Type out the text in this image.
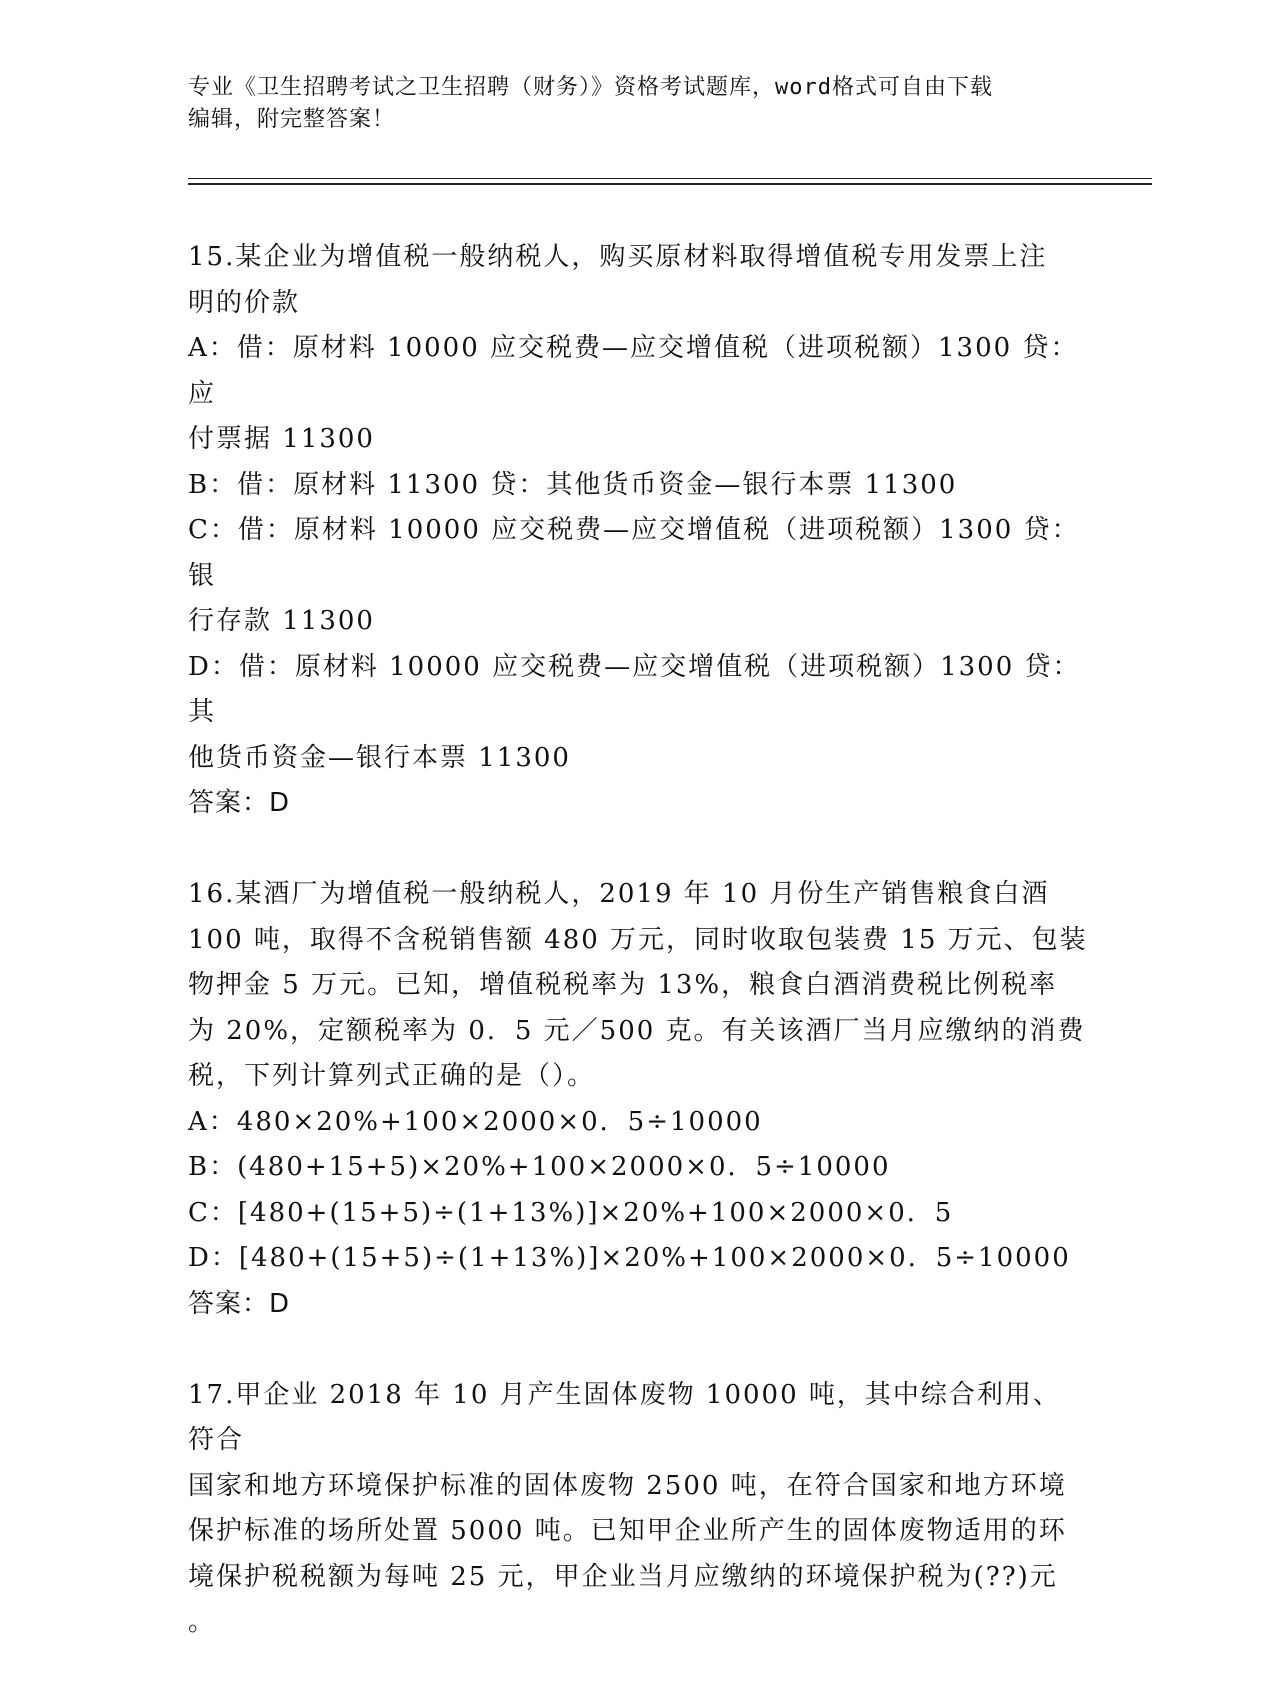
专业《卫生招聘考试之卫生招聘（财务）》资格考试题库，word格式可自由下载
编辑，附完整答案！
15.某企业为增值税一般纳税人，购买原材料取得增值税专用发票上注
明的价款
A：借：原材料 10000 应交税费—应交增值税（进项税额）1300 贷：应
付票据 11300
B：借：原材料 11300 贷：其他货币资金—银行本票 11300
C：借：原材料 10000 应交税费—应交增值税（进项税额）1300 贷：银
行存款 11300
D：借：原材料 10000 应交税费—应交增值税（进项税额）1300 贷：其
他货币资金—银行本票 11300
答案：D
16.某酒厂为增值税一般纳税人，2019 年 10 月份生产销售粮食白酒
100 吨，取得不含税销售额 480 万元，同时收取包装费 15 万元、包装
物押金 5 万元。已知，增值税税率为 13%，粮食白酒消费税比例税率
为 20%，定额税率为 0．5 元／500 克。有关该酒厂当月应缴纳的消费
税，下列计算列式正确的是（）。
A：480×20%+100×2000×0．5÷10000
B：(480+15+5)×20%+100×2000×0．5÷10000
C：[480+(15+5)÷(1+13%)]×20%+100×2000×0．5
D：[480+(15+5)÷(1+13%)]×20%+100×2000×0．5÷10000
答案：D
17.甲企业 2018 年 10 月产生固体废物 10000 吨，其中综合利用、符合
国家和地方环境保护标准的固体废物 2500 吨，在符合国家和地方环境
保护标准的场所处置 5000 吨。已知甲企业所产生的固体废物适用的环
境保护税税额为每吨 25 元，甲企业当月应缴纳的环境保护税为(??)元
。
